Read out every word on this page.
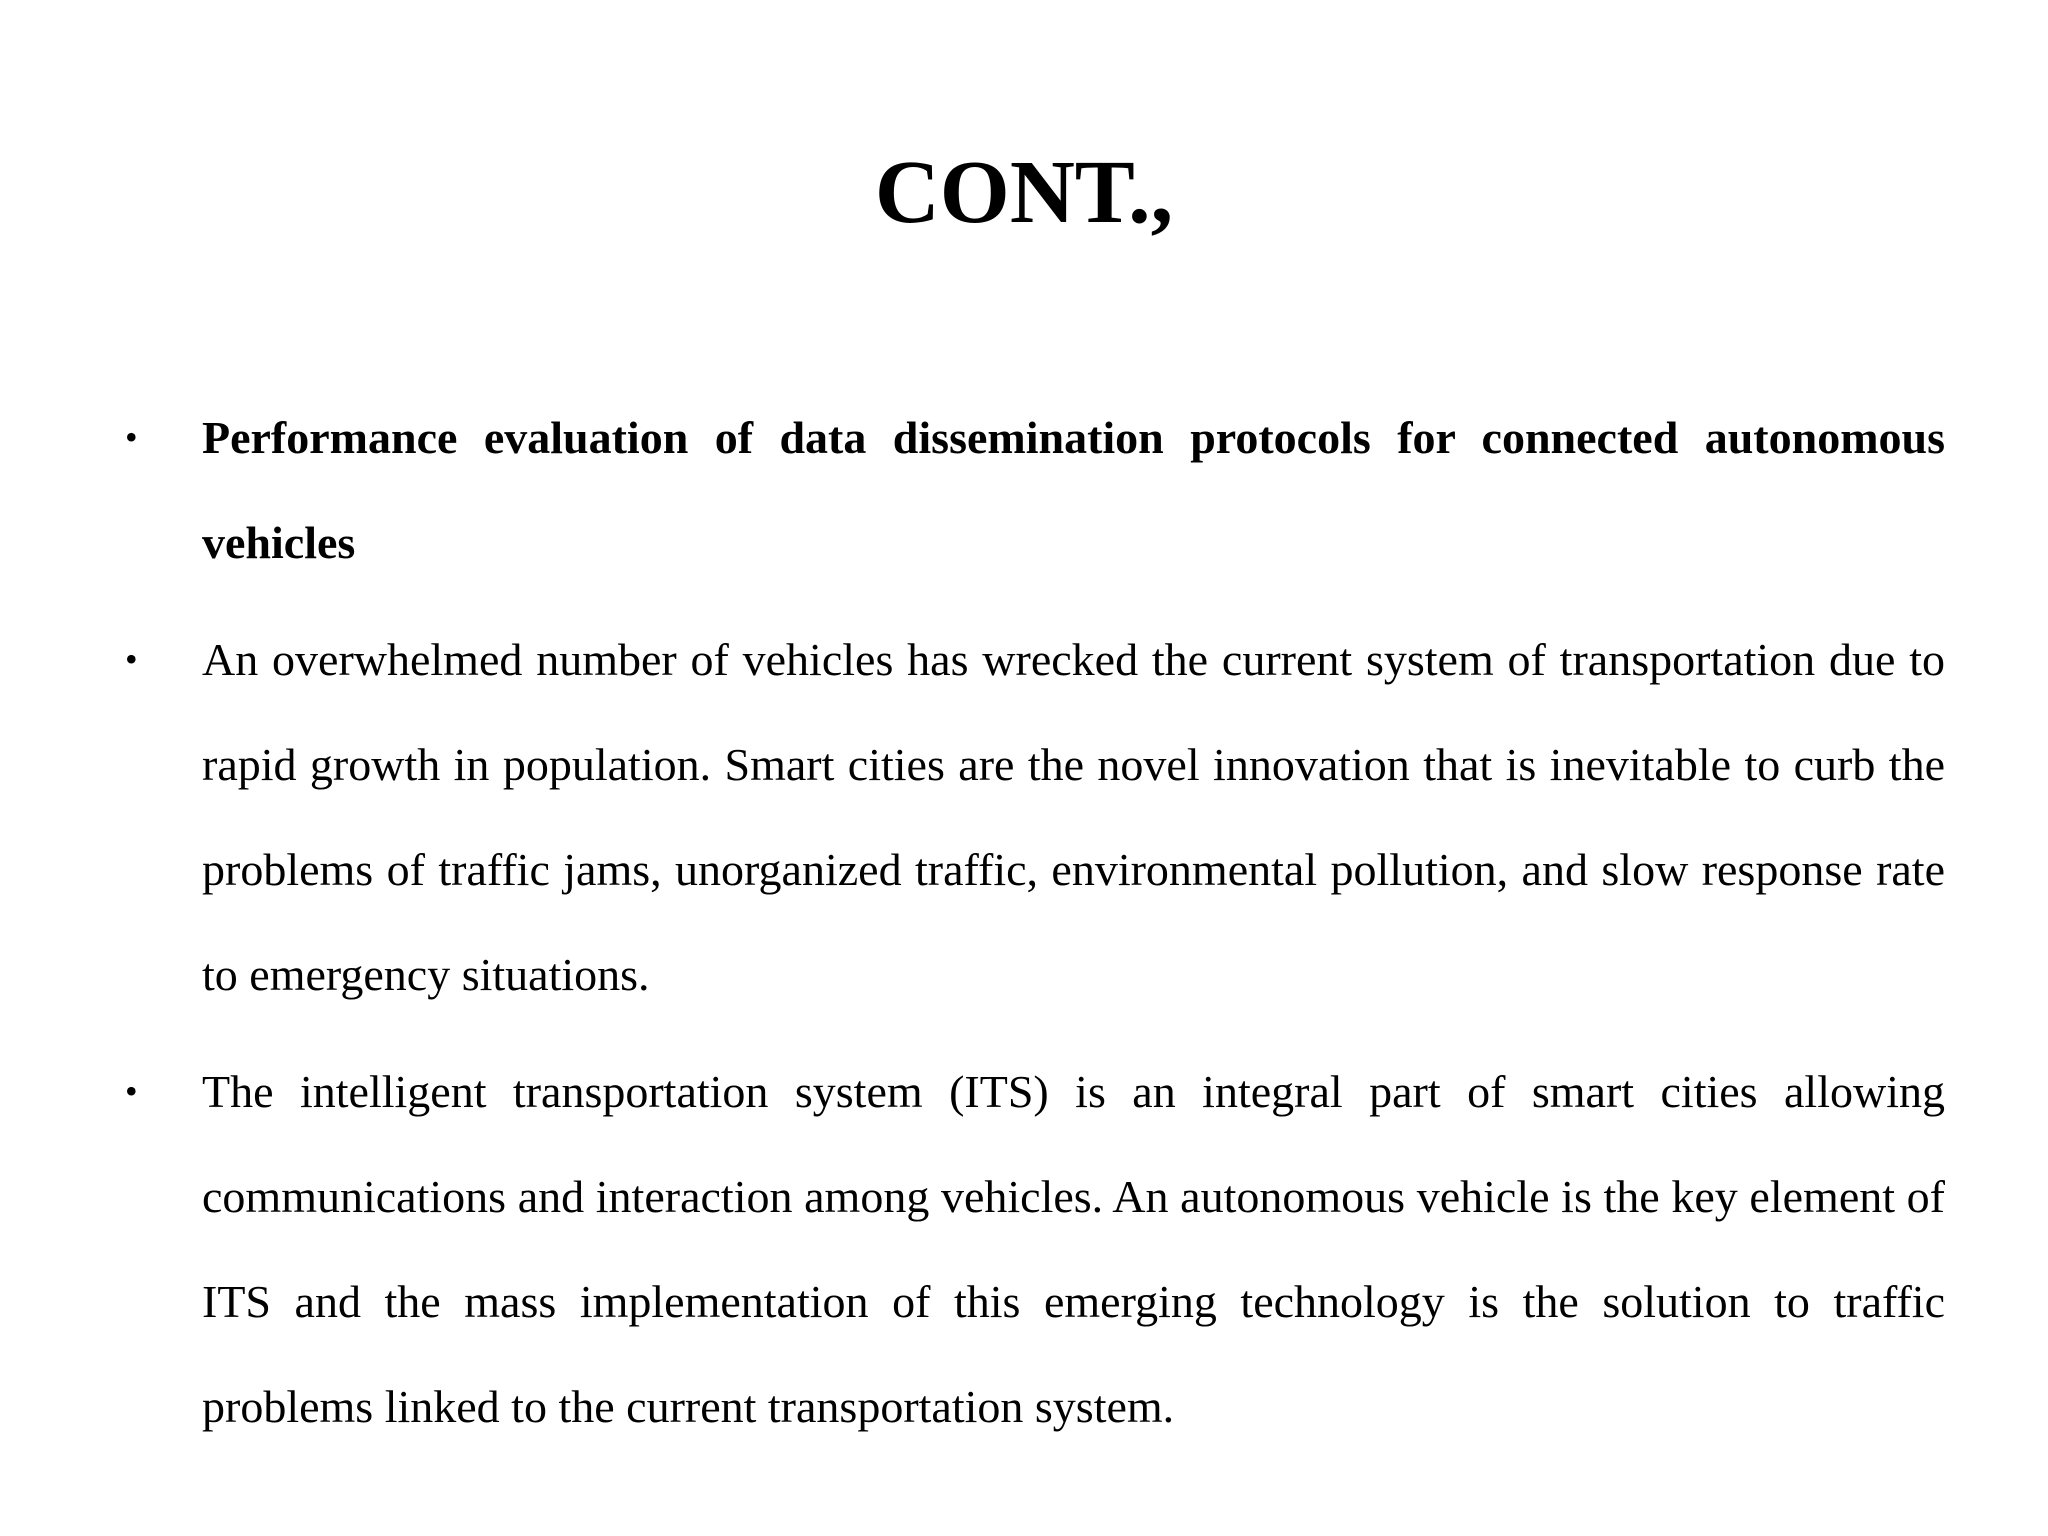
CONT.,
• Performance evaluation of data dissemination protocols for connected autonomous vehicles
• An overwhelmed number of vehicles has wrecked the current system of transportation due to rapid growth in population. Smart cities are the novel innovation that is inevitable to curb the problems of traffic jams, unorganized traffic, environmental pollution, and slow response rate to emergency situations.
• The intelligent transportation system (ITS) is an integral part of smart cities allowing communications and interaction among vehicles. An autonomous vehicle is the key element of ITS and the mass implementation of this emerging technology is the solution to traffic problems linked to the current transportation system.
